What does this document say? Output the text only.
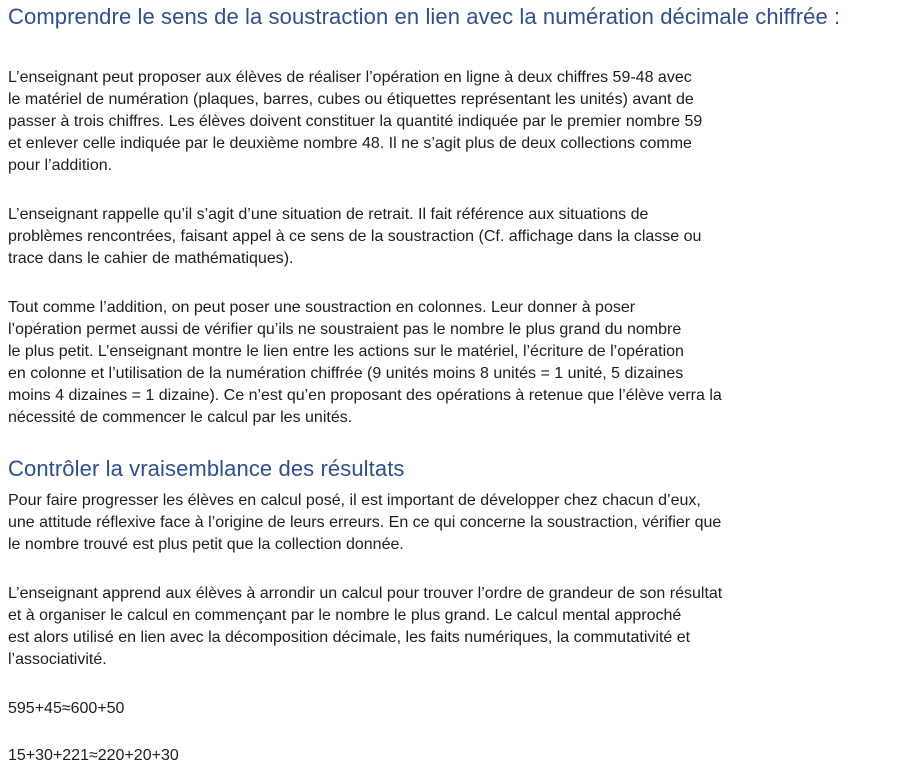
Comprendre le sens de la soustraction en lien avec la numération décimale chiffrée :

L’enseignant peut proposer aux élèves de réaliser l’opération en ligne à deux chiffres 59-48 avec
le matériel de numération (plaques, barres, cubes ou étiquettes représentant les unités) avant de
passer à trois chiffres. Les élèves doivent constituer la quantité indiquée par le premier nombre 59
et enlever celle indiquée par le deuxième nombre 48. Il ne s’agit plus de deux collections comme
pour l’addition.

L’enseignant rappelle qu’il s’agit d’une situation de retrait. Il fait référence aux situations de
problèmes rencontrées, faisant appel à ce sens de la soustraction (Cf. affichage dans la classe ou
trace dans le cahier de mathématiques).

Tout comme l’addition, on peut poser une soustraction en colonnes. Leur donner à poser
l’opération permet aussi de vérifier qu’ils ne soustraient pas le nombre le plus grand du nombre
le plus petit. L’enseignant montre le lien entre les actions sur le matériel, l’écriture de l’opération
en colonne et l’utilisation de la numération chiffrée (9 unités moins 8 unités = 1 unité, 5 dizaines
moins 4 dizaines = 1 dizaine). Ce n’est qu’en proposant des opérations à retenue que l’élève verra la
nécessité de commencer le calcul par les unités.

Contrôler la vraisemblance des résultats

Pour faire progresser les élèves en calcul posé, il est important de développer chez chacun d’eux,
une attitude réflexive face à l’origine de leurs erreurs. En ce qui concerne la soustraction, vérifier que
le nombre trouvé est plus petit que la collection donnée.

L’enseignant apprend aux élèves à arrondir un calcul pour trouver l’ordre de grandeur de son résultat
et à organiser le calcul en commençant par le nombre le plus grand. Le calcul mental approché
est alors utilisé en lien avec la décomposition décimale, les faits numériques, la commutativité et
l’associativité.

595+45≈600+50

15+30+221≈220+20+30
